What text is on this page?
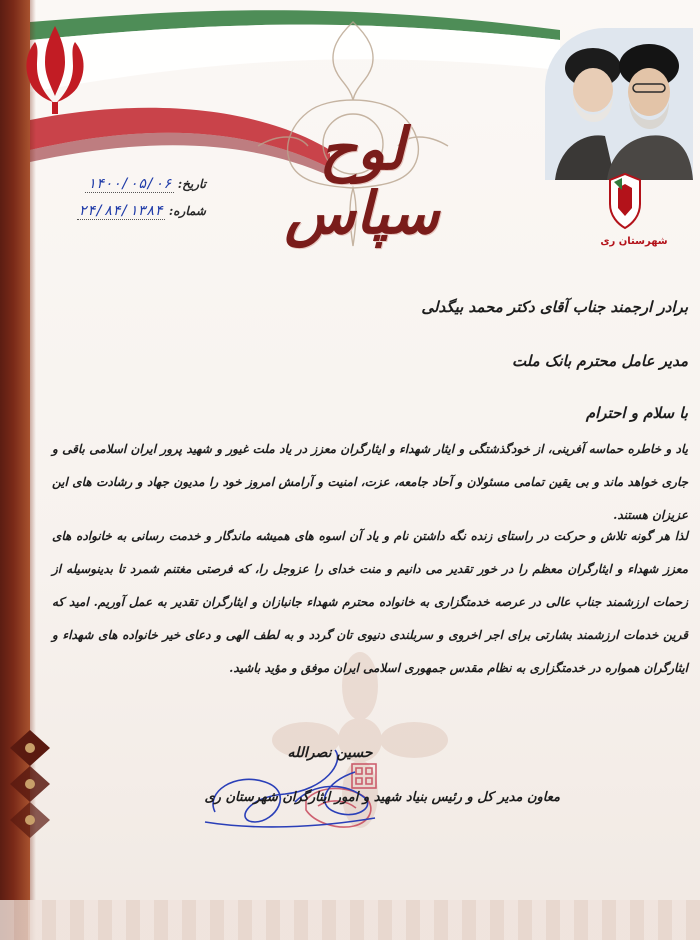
لوح سپاس	شهرستان ری
تاریخ:
۱۴۰۰/۰۵/۰۶
شماره:
۲۴/۸۴/۱۳۸۴
برادر ارجمند جناب آقای دکتر محمد بیگدلی
مدیر عامل محترم بانک ملت
با سلام و احترام

یاد و خاطره حماسه آفرینی، از خودگذشتگی و ایثار شهداء و ایثارگران معزز در یاد ملت غیور و شهید پرور ایران اسلامی باقی و جاری خواهد ماند و بی یقین تمامی مسئولان و آحاد جامعه، عزت، امنیت و آرامش امروز خود را مدیون جهاد و رشادت های این عزیزان هستند.

لذا هر گونه تلاش و حرکت در راستای زنده نگه داشتن نام و یاد آن اسوه های همیشه ماندگار و خدمت رسانی به خانواده های معزز شهداء و ایثارگران معظم را در خور تقدیر می دانیم و منت خدای را عزوجل را، که فرصتی مغتنم شمرد تا بدینوسیله از زحمات ارزشمند جناب عالی در عرصه خدمتگزاری به خانواده محترم شهداء جانبازان و ایثارگران تقدیر به عمل آوریم. امید که قرین خدمات ارزشمند بشارتی برای اجر اخروی و سربلندی دنیوی تان گردد و به لطف الهی و دعای خیر خانواده های شهداء و ایثارگران همواره در خدمتگزاری به نظام مقدس جمهوری اسلامی ایران موفق و مؤید باشید.

حسین نصرالله
معاون مدیر کل و رئیس بنیاد شهید و امور ایثارگران شهرستان ری
